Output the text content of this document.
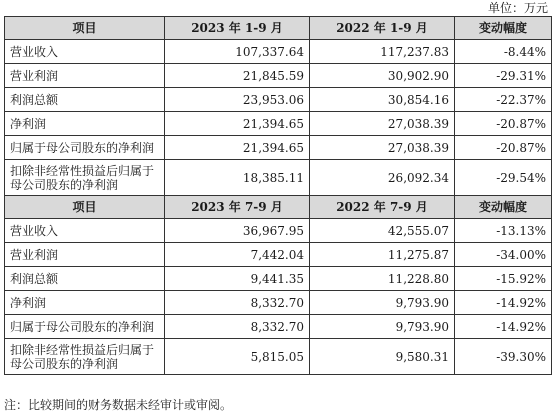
单位：万元
项目	2023 年 1-9 月	2022 年 1-9 月	变动幅度
营业收入	107,337.64	117,237.83	-8.44%
营业利润	21,845.59	30,902.90	-29.31%
利润总额	23,953.06	30,854.16	-22.37%
净利润	21,394.65	27,038.39	-20.87%
归属于母公司股东的净利润	21,394.65	27,038.39	-20.87%
扣除非经常性损益后归属于母公司股东的净利润	18,385.11	26,092.34	-29.54%
项目	2023 年 7-9 月	2022 年 7-9 月	变动幅度
营业收入	36,967.95	42,555.07	-13.13%
营业利润	7,442.04	11,275.87	-34.00%
利润总额	9,441.35	11,228.80	-15.92%
净利润	8,332.70	9,793.90	-14.92%
归属于母公司股东的净利润	8,332.70	9,793.90	-14.92%
扣除非经常性损益后归属于母公司股东的净利润	5,815.05	9,580.31	-39.30%
注：比较期间的财务数据未经审计或审阅。
